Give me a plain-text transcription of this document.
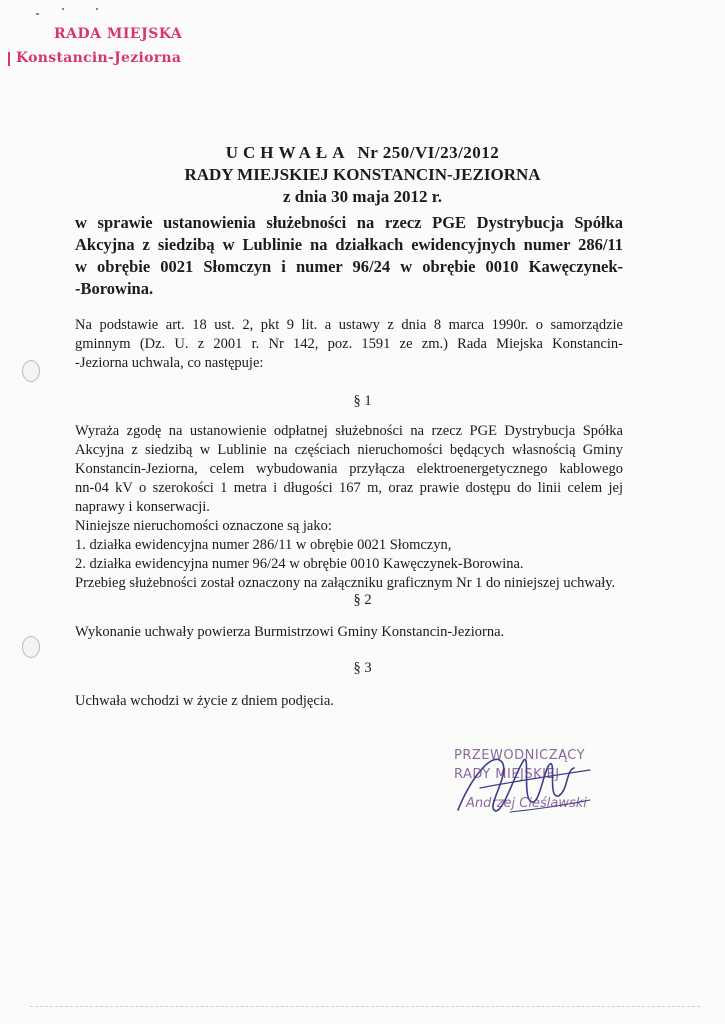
RADA MIEJSKA
Konstancin-Jeziorna
UCHWAŁA Nr 250/VI/23/2012
RADY MIEJSKIEJ KONSTANCIN-JEZIORNA
z dnia 30 maja 2012 r.
w sprawie ustanowienia służebności na rzecz PGE Dystrybucja Spółka
Akcyjna z siedzibą w Lublinie na działkach ewidencyjnych numer 286/11
w obrębie 0021 Słomczyn i numer 96/24 w obrębie 0010 Kawęczynek-
-Borowina.
Na podstawie art. 18 ust. 2, pkt 9 lit. a ustawy z dnia 8 marca 1990r. o samorządzie
gminnym (Dz. U. z 2001 r. Nr 142, poz. 1591 ze zm.) Rada Miejska Konstancin-
-Jeziorna uchwala, co następuje:
§ 1
Wyraża zgodę na ustanowienie odpłatnej służebności na rzecz PGE Dystrybucja Spółka
Akcyjna z siedzibą w Lublinie na częściach nieruchomości będących własnością Gminy
Konstancin-Jeziorna, celem wybudowania przyłącza elektroenergetycznego kablowego
nn-04 kV o szerokości 1 metra i długości 167 m, oraz prawie dostępu do linii celem jej
naprawy i konserwacji.
Niniejsze nieruchomości oznaczone są jako:
1. działka ewidencyjna numer 286/11 w obrębie 0021 Słomczyn,
2. działka ewidencyjna numer 96/24 w obrębie 0010 Kawęczynek-Borowina.
Przebieg służebności został oznaczony na załączniku graficznym Nr 1 do niniejszej uchwały.
§ 2
Wykonanie uchwały powierza Burmistrzowi Gminy Konstancin-Jeziorna.
§ 3
Uchwała wchodzi w życie z dniem podjęcia.
PRZEWODNICZĄCY
RADY MIEJSKIEJ
Andrzej Cieślawski
